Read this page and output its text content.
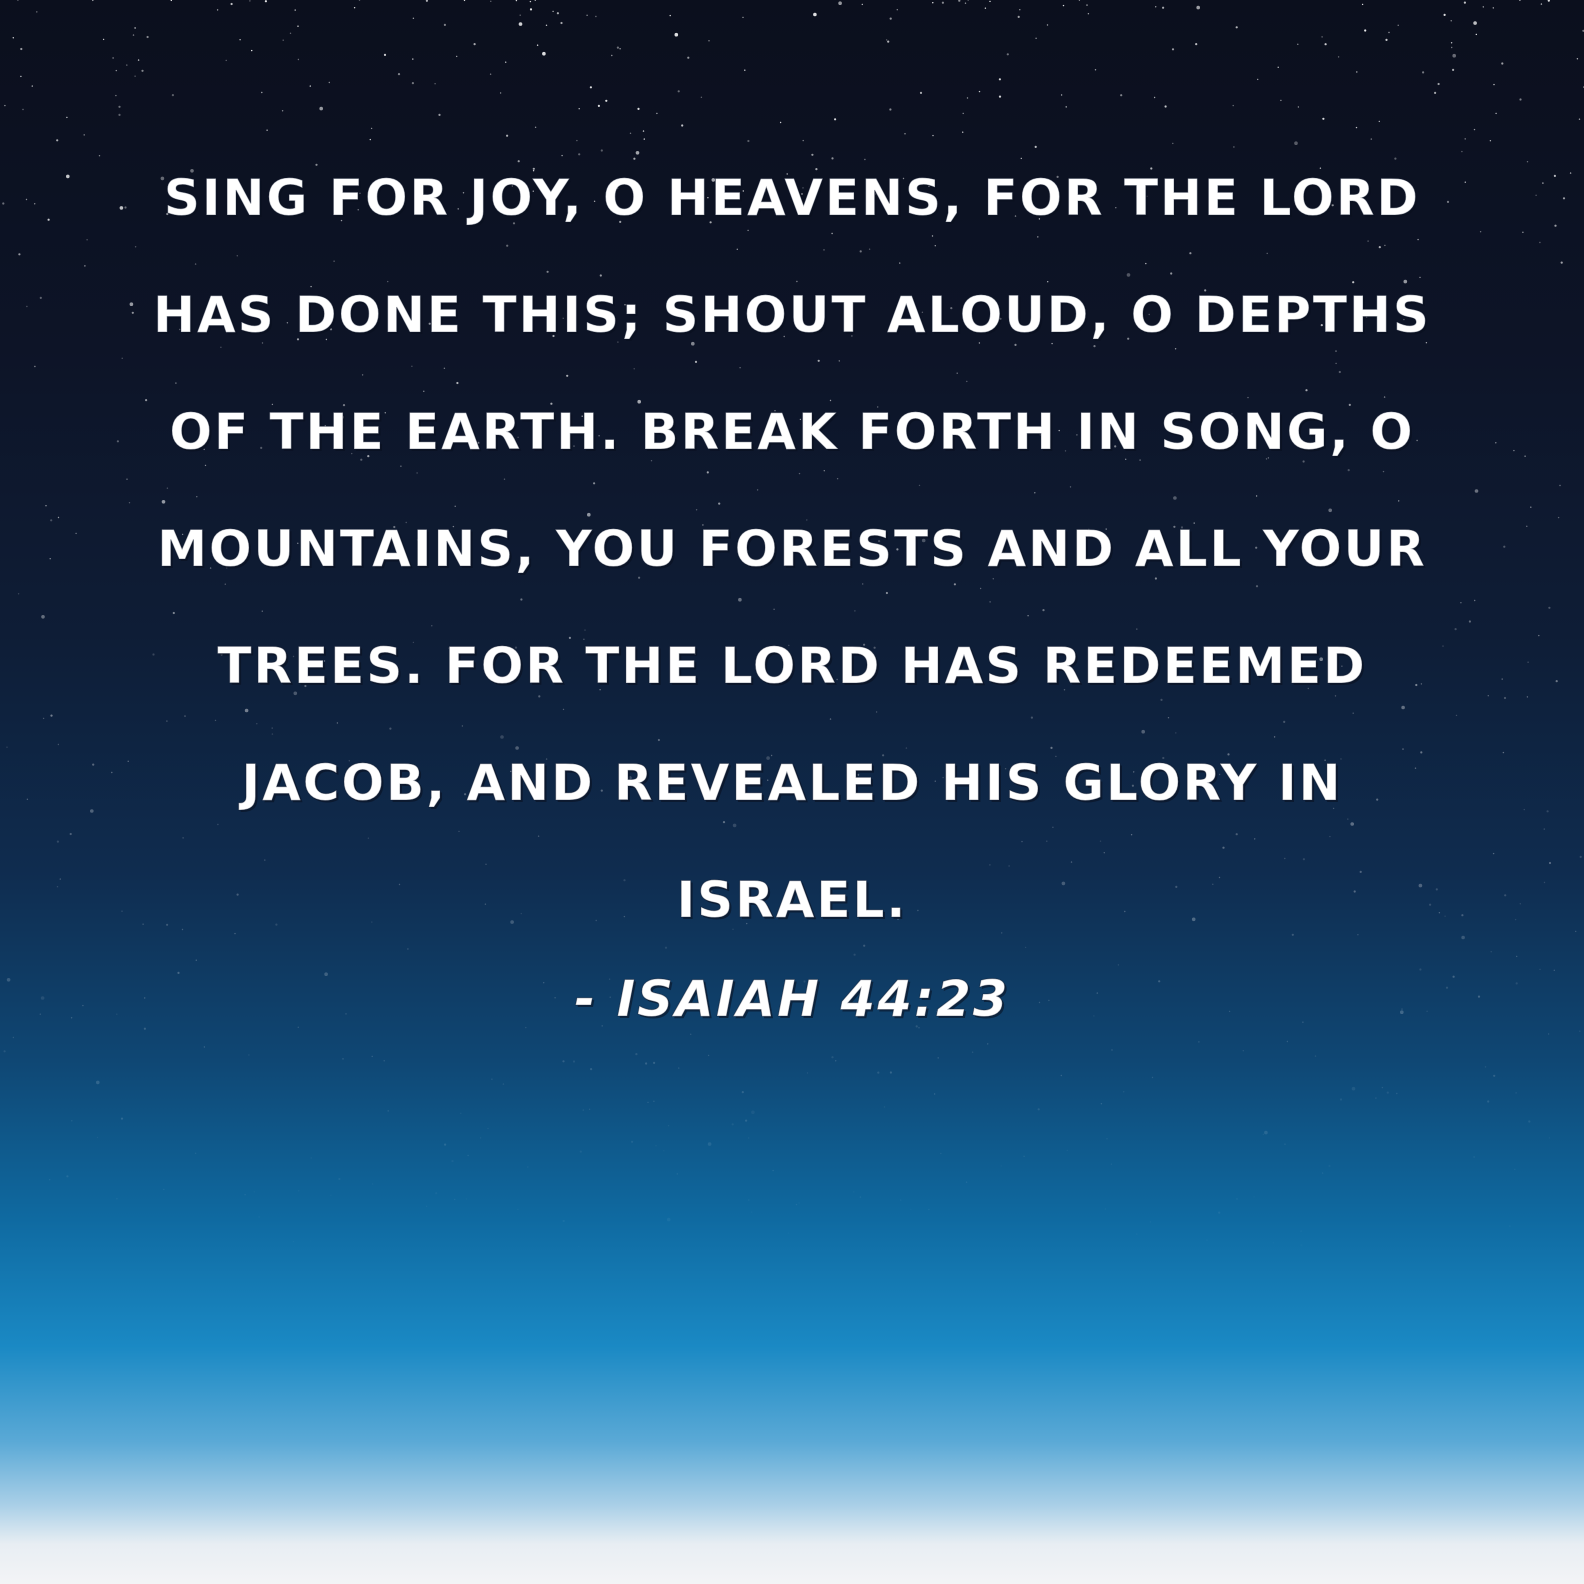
SING FOR JOY, O HEAVENS, FOR THE LORD HAS DONE THIS; SHOUT ALOUD, O DEPTHS OF THE EARTH. BREAK FORTH IN SONG, O MOUNTAINS, YOU FORESTS AND ALL YOUR TREES. FOR THE LORD HAS REDEEMED JACOB, AND REVEALED HIS GLORY IN ISRAEL.

- ISAIAH 44:23
